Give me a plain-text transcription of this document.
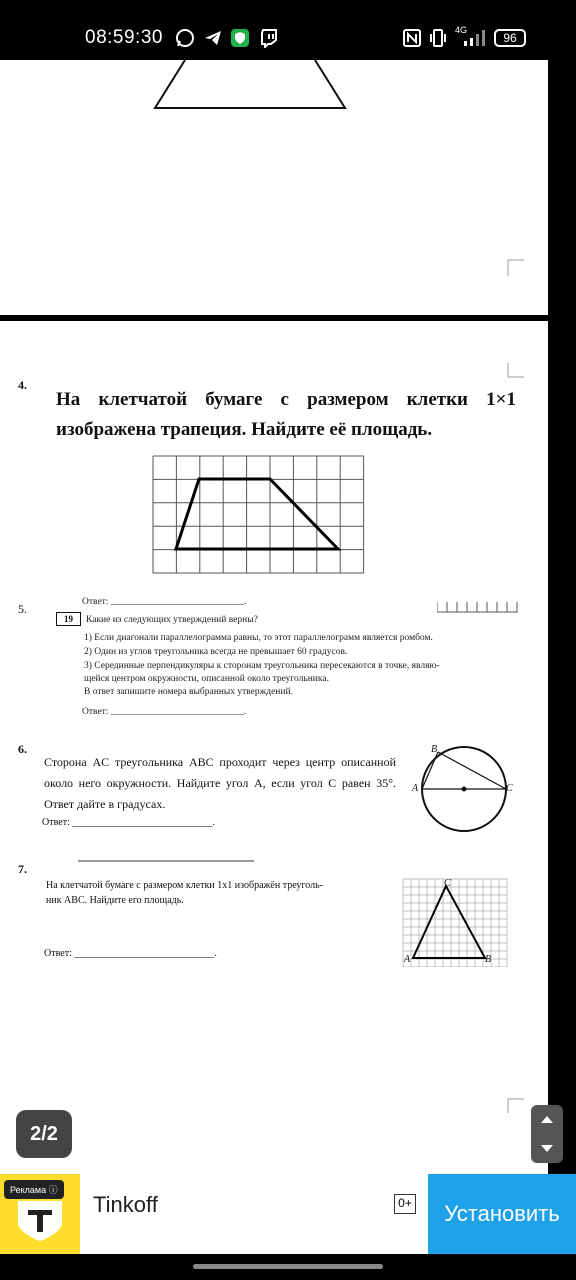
08:59:30	4G
96
4.
На клетчатой бумаге с размером клетки 1×1
изображена трапеция. Найдите её площадь.
5.	Ответ: ____________________________.
19	Какие из следующих утверждений верны?
1) Если диагонали параллелограмма равны, то этот параллелограмм является ромбом.
2) Один из углов треугольника всегда не превышает 60 градусов.
3) Серединные перпендикуляры к сторонам треугольника пересекаются в точке, являю-
щейся центром окружности, описанной около треугольника.
В ответ запишите номера выбранных утверждений.
Ответ: ____________________________.
6.
Сторона AC треугольника ABC проходит через центр описанной около него окружности. Найдите угол A, если угол C равен 35°. Ответ дайте в градусах.
Ответ: ____________________________.
A
B
C
7.
На клетчатой бумаге с размером клетки 1x1 изображён треуголь-
ник ABC. Найдите его площадь.
Ответ: ____________________________.
A	B
C
2/2
Реклама ⓘ
Tinkoff	0+	Установить
